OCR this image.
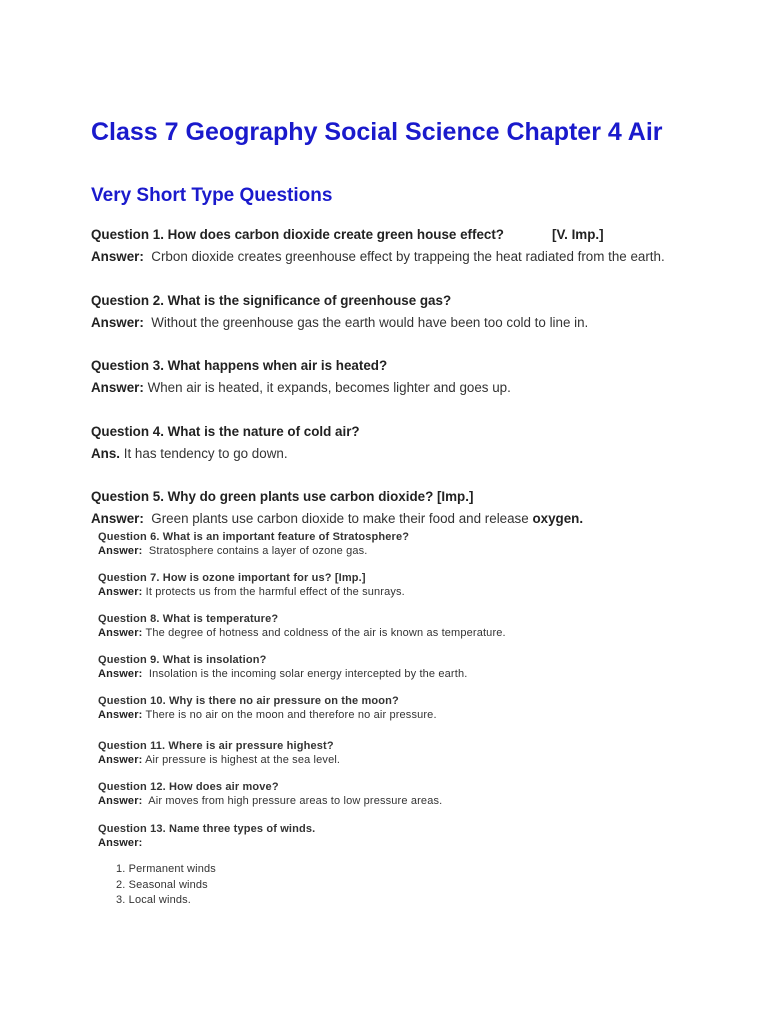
Class 7 Geography Social Science Chapter 4 Air
Very Short Type Questions
Question 1. How does carbon dioxide create green house effect?	[V. Imp.]
Answer: Crbon dioxide creates greenhouse effect by trappeing the heat radiated from the earth.
Question 2. What is the significance of greenhouse gas?
Answer: Without the greenhouse gas the earth would have been too cold to line in.
Question 3. What happens when air is heated?
Answer: When air is heated, it expands, becomes lighter and goes up.
Question 4. What is the nature of cold air?
Ans. It has tendency to go down.
Question 5. Why do green plants use carbon dioxide? [Imp.]
Answer: Green plants use carbon dioxide to make their food and release oxygen.
Question 6. What is an important feature of Stratosphere?
Answer: Stratosphere contains a layer of ozone gas.
Question 7. How is ozone important for us? [Imp.]
Answer: It protects us from the harmful effect of the sunrays.
Question 8. What is temperature?
Answer: The degree of hotness and coldness of the air is known as temperature.
Question 9. What is insolation?
Answer: Insolation is the incoming solar energy intercepted by the earth.
Question 10. Why is there no air pressure on the moon?
Answer: There is no air on the moon and therefore no air pressure.
Question 11. Where is air pressure highest?
Answer: Air pressure is highest at the sea level.
Question 12. How does air move?
Answer: Air moves from high pressure areas to low pressure areas.
Question 13. Name three types of winds.
Answer:
1. Permanent winds
2. Seasonal winds
3. Local winds.
